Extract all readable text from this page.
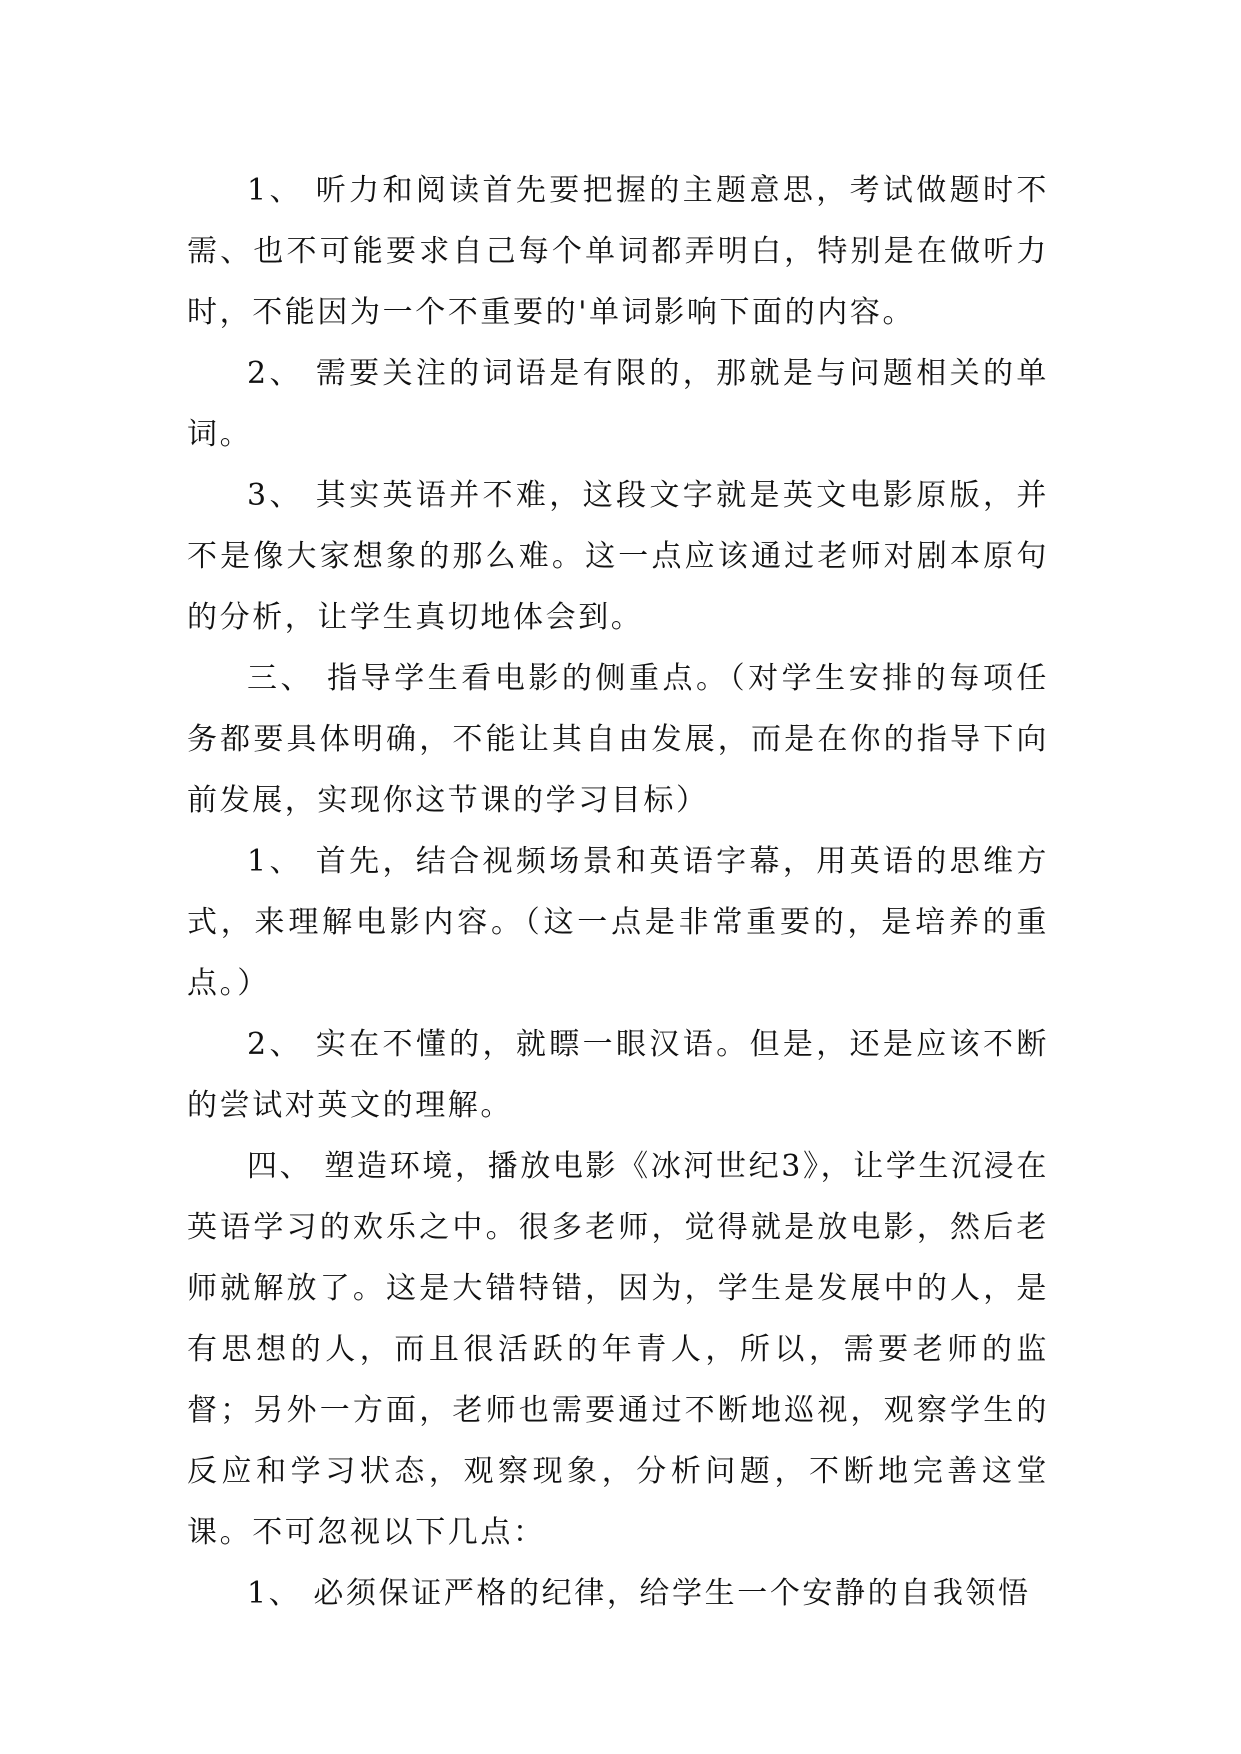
1、 听力和阅读首先要把握的主题意思，考试做题时不需、也不可能要求自己每个单词都弄明白，特别是在做听力时，不能因为一个不重要的'单词影响下面的内容。

2、 需要关注的词语是有限的，那就是与问题相关的单词。

3、 其实英语并不难，这段文字就是英文电影原版，并不是像大家想象的那么难。这一点应该通过老师对剧本原句的分析，让学生真切地体会到。

三、 指导学生看电影的侧重点。（对学生安排的每项任务都要具体明确，不能让其自由发展，而是在你的指导下向前发展，实现你这节课的学习目标）

1、 首先，结合视频场景和英语字幕，用英语的思维方式，来理解电影内容。（这一点是非常重要的，是培养的重点。）

2、 实在不懂的，就瞟一眼汉语。但是，还是应该不断的尝试对英文的理解。

四、 塑造环境，播放电影《冰河世纪3》，让学生沉浸在英语学习的欢乐之中。很多老师，觉得就是放电影，然后老师就解放了。这是大错特错，因为，学生是发展中的人，是有思想的人，而且很活跃的年青人，所以，需要老师的监督；另外一方面，老师也需要通过不断地巡视，观察学生的反应和学习状态，观察现象，分析问题，不断地完善这堂课。不可忽视以下几点：

1、 必须保证严格的纪律，给学生一个安静的自我领悟
